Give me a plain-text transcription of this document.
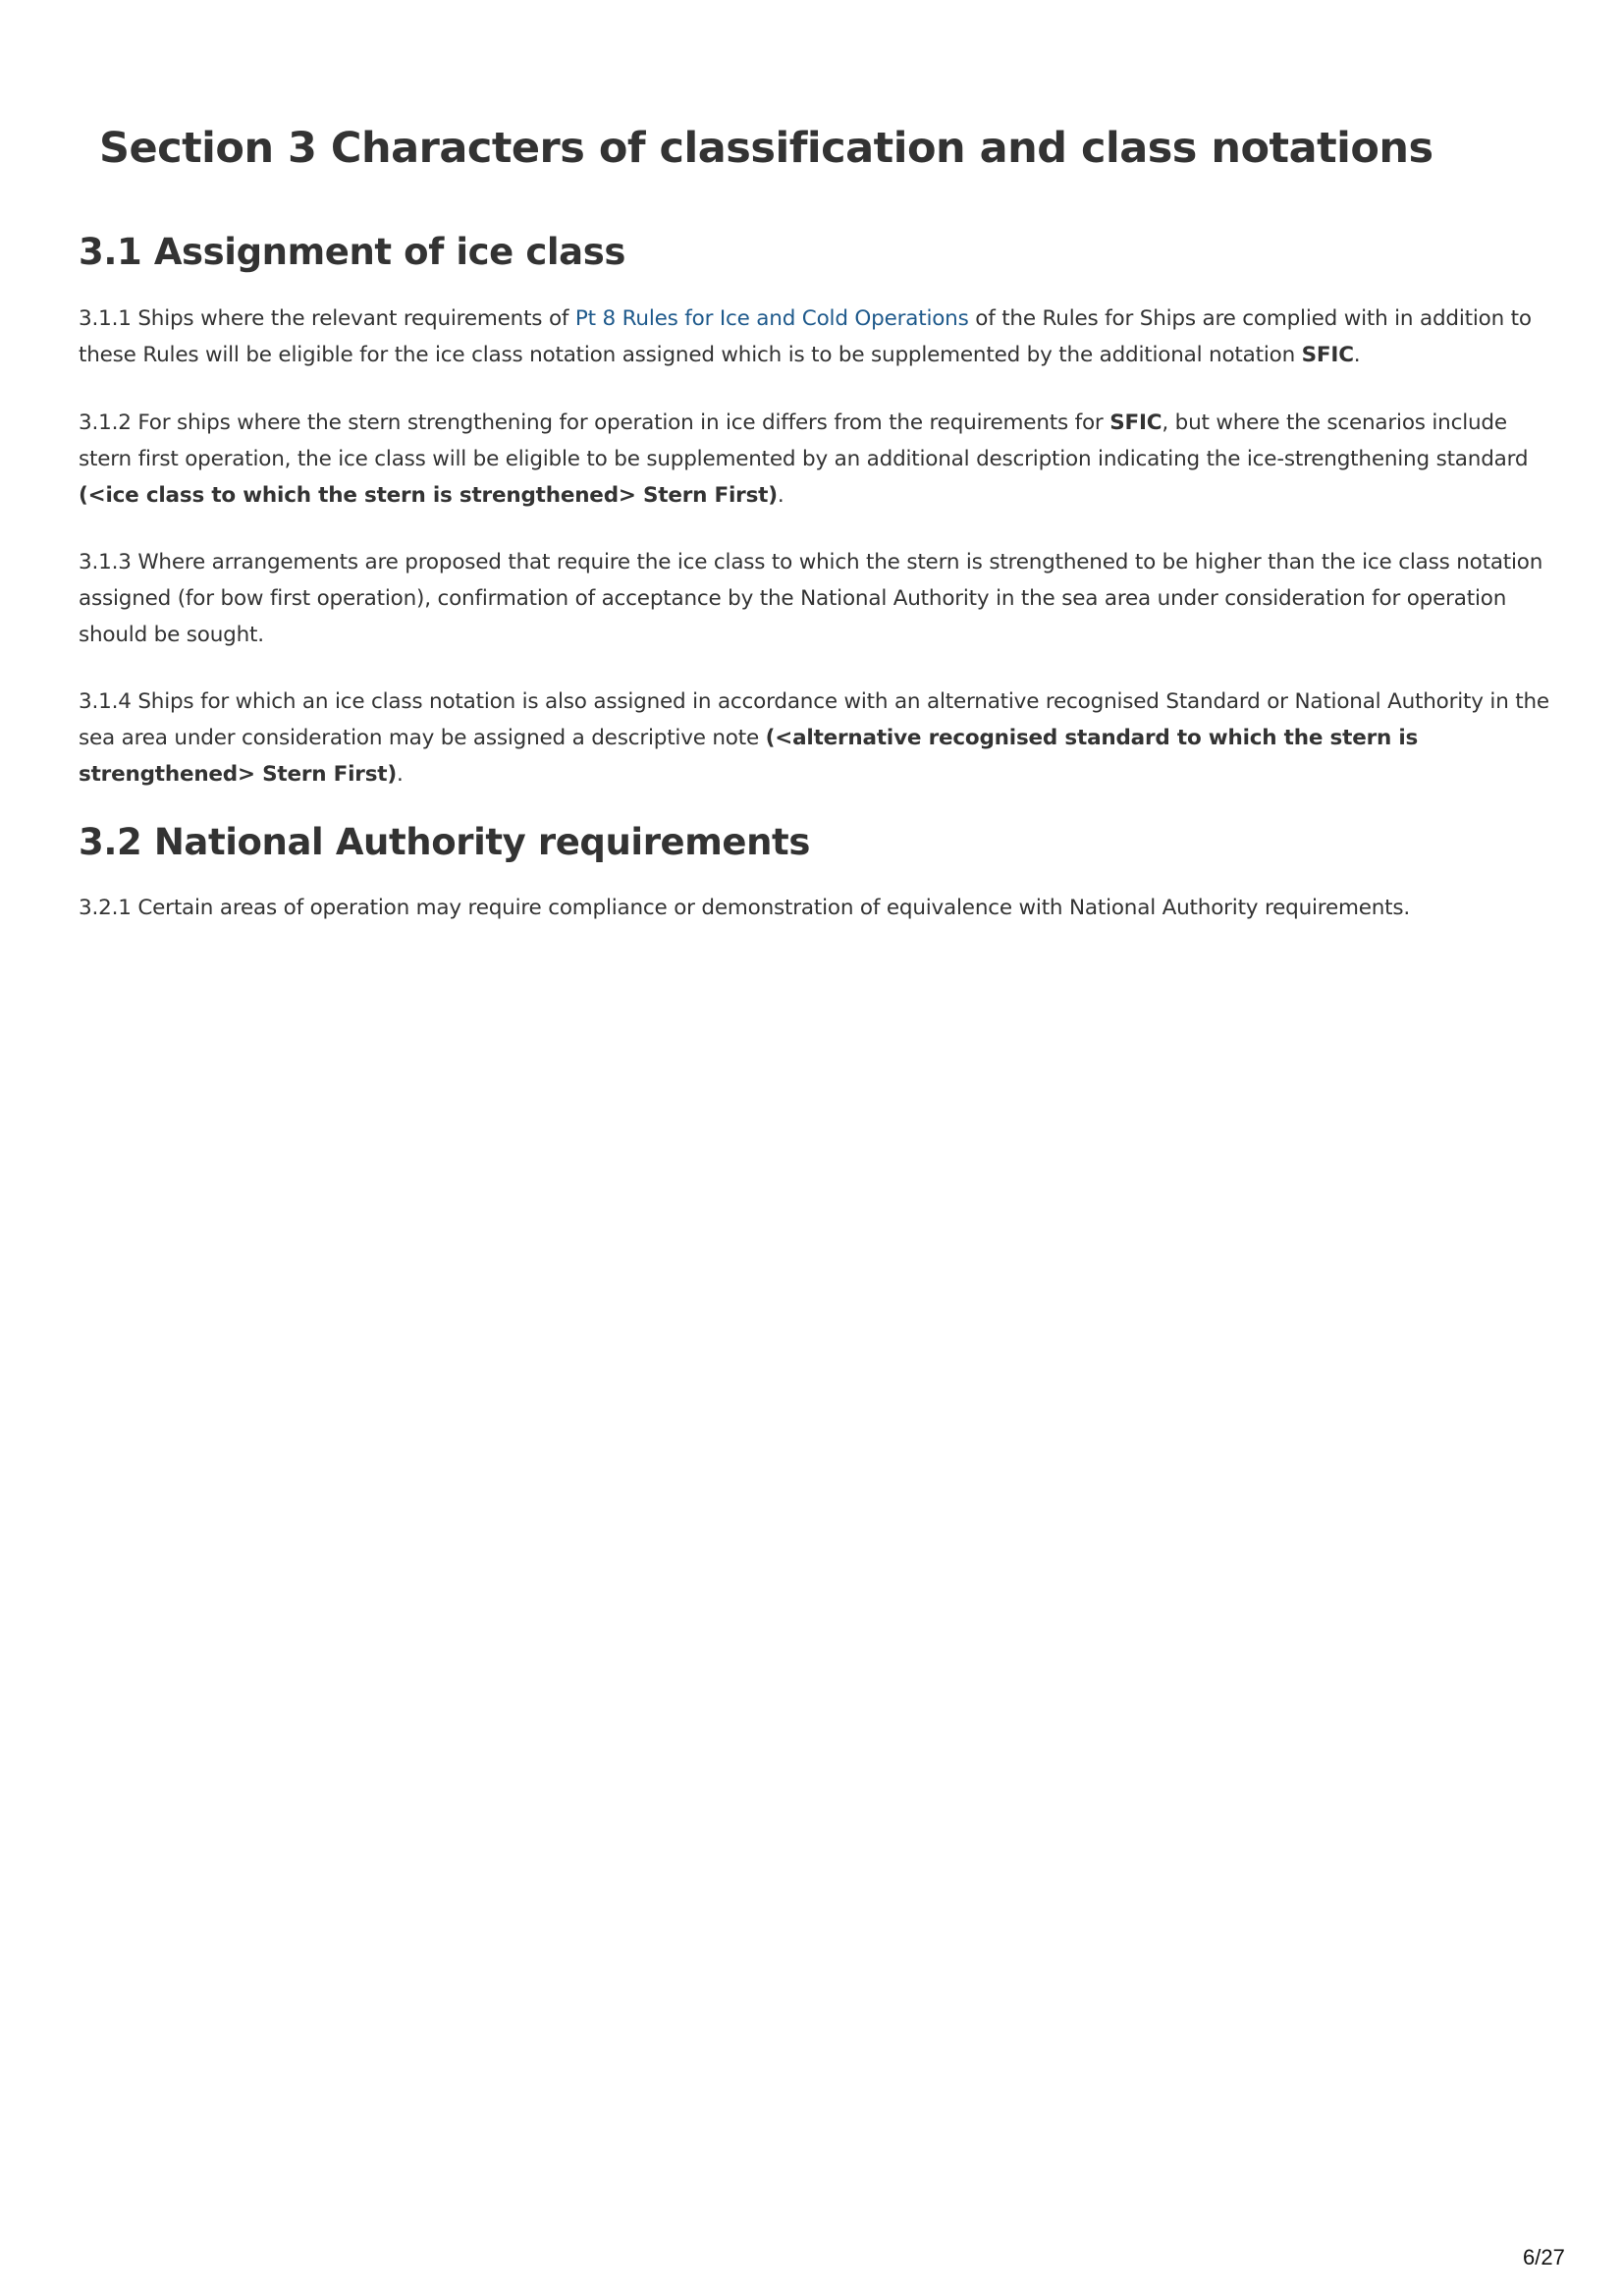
Section 3 Characters of classification and class notations
3.1 Assignment of ice class

3.1.1 Ships where the relevant requirements of Pt 8 Rules for Ice and Cold Operations of the Rules for Ships are complied with in addition to these Rules will be eligible for the ice class notation assigned which is to be supplemented by the additional notation SFIC.

3.1.2 For ships where the stern strengthening for operation in ice differs from the requirements for SFIC, but where the scenarios include stern first operation, the ice class will be eligible to be supplemented by an additional description indicating the ice-strengthening standard (<ice class to which the stern is strengthened> Stern First).

3.1.3 Where arrangements are proposed that require the ice class to which the stern is strengthened to be higher than the ice class notation assigned (for bow first operation), confirmation of acceptance by the National Authority in the sea area under consideration for operation should be sought.

3.1.4 Ships for which an ice class notation is also assigned in accordance with an alternative recognised Standard or National Authority in the sea area under consideration may be assigned a descriptive note (<alternative recognised standard to which the stern is strengthened> Stern First).

3.2 National Authority requirements

3.2.1 Certain areas of operation may require compliance or demonstration of equivalence with National Authority requirements.

6/27
